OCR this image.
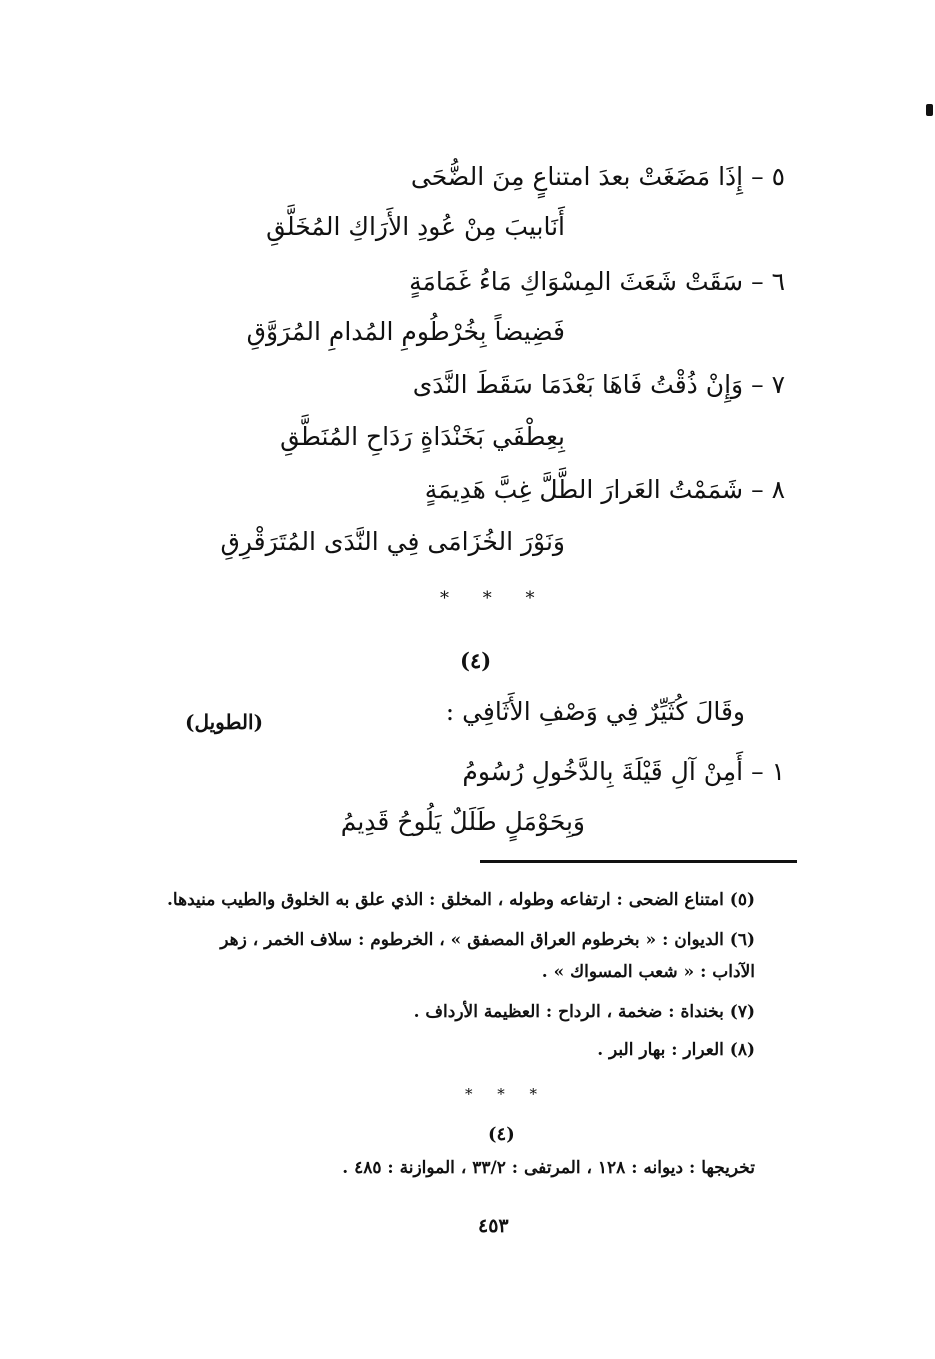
٥ –إِذَا مَضَغَتْ بعدَ امتناعٍ مِنَ الضُّحَى
أَنَابيبَ مِنْ عُودِ الأَرَاكِ المُخَلَّقِ
٦ –سَقَتْ شَعَثَ المِسْوَاكِ مَاءُ غَمَامَةٍ
فَضِيضاً بِخُرْطُومِ المُدامِ المُرَوَّقِ
٧ –وَإِنْ ذُقْتُ فَاهَا بَعْدَمَا سَقَطَ النَّدَى
بِعِطْفَي بَخَنْدَاةٍ رَدَاحِ المُنَطَّقِ
٨ –شَمَمْتُ العَرارَ الطَّلَّ غِبَّ هَدِيمَةٍ
وَنَوْرَ الخُزَامَى فِي النَّدَى المُتَرَقْرِقِ
* * *
(٤)
وقَالَ كُثَيِّرٌ فِي وَصْفِ الأَثَافِي :
(الطويل)
١ –أَمِنْ آلِ قَيْلَةَ بِالدَّخُولِ رُسُومُ
وَبِحَوْمَلٍ طَلَلٌ يَلُوحُ قَدِيمُ
(٥) امتناع الضحى : ارتفاعه وطوله ، المخلق : الذي علق به الخلوق والطيب منيدها.
(٦) الديوان : « بخرطوم العراق المصفق » ، الخرطوم : سلاف الخمر ، زهر
الآداب : « شعب المسواك » .
(٧) بخنداة : ضخمة ، الرداح : العظيمة الأرداف .
(٨) العرار : بهار البر .
* * *
(٤)
تخريجها : ديوانه : ١٢٨ ، المرتفى : ٣٣/٢ ، الموازنة : ٤٨٥ .
٤٥٣
